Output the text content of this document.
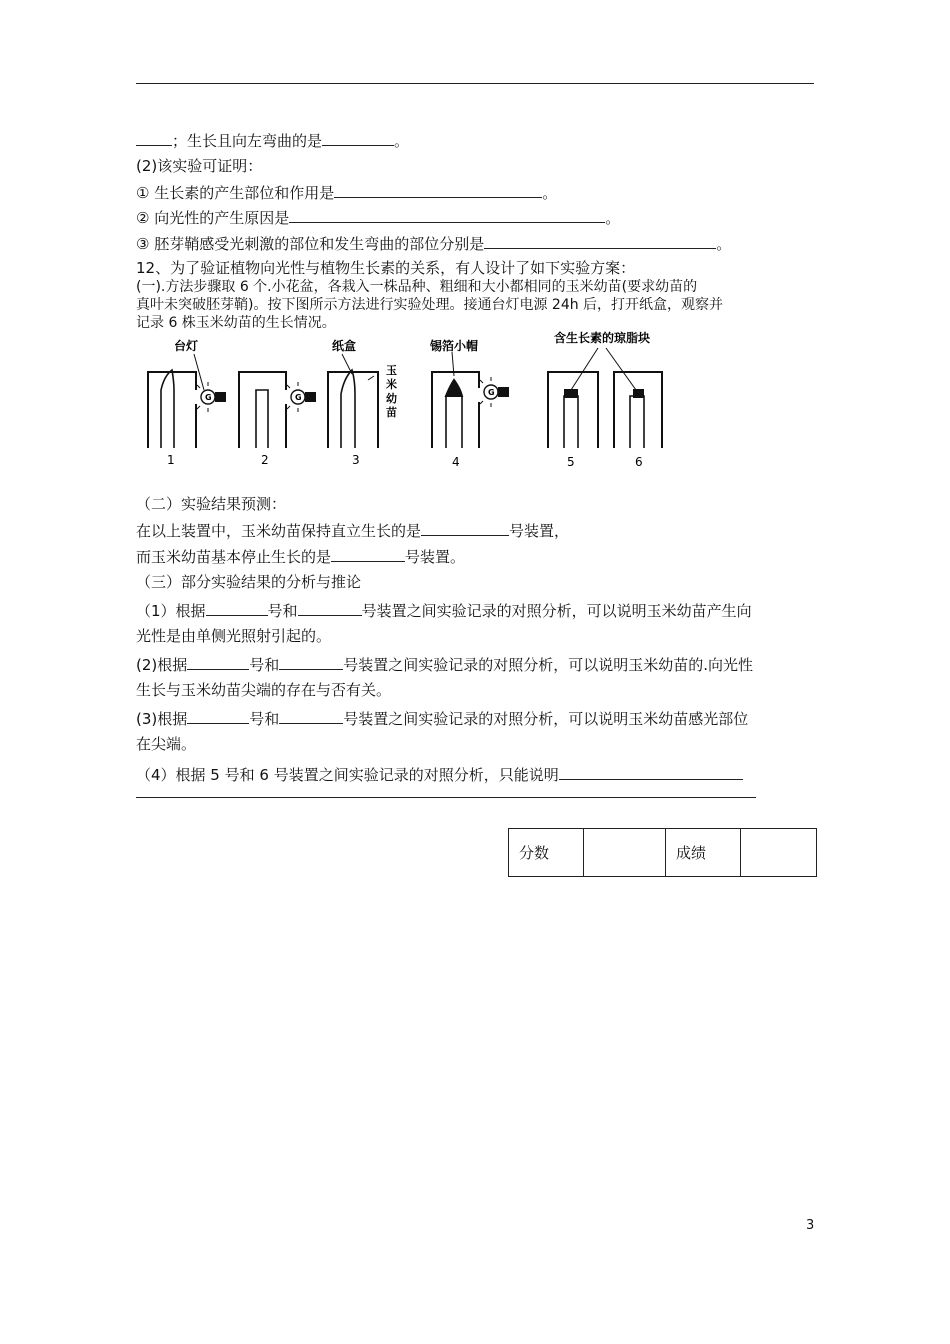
；生长且向左弯曲的是	。
(2)该实验可证明：
① 生长素的产生部位和作用是	。
② 向光性的产生原因是	。
③ 胚芽鞘感受光刺激的部位和发生弯曲的部位分别是	。
12、为了验证植物向光性与植物生长素的关系，有人设计了如下实验方案：
(一).方法步骤取 6 个.小花盆，各栽入一株品种、粗细和大小都相同的玉米幼苗(要求幼苗的
真叶未突破胚芽鞘)。按下图所示方法进行实验处理。接通台灯电源 24h 后，打开纸盒，观察并
记录 6 株玉米幼苗的生长情况。
台灯	纸盒
玉
米
幼
苗
锡箔小帽
含生长素的琼脂块
G	G
G
1	2	3	4	5	6
（二）实验结果预测：
在以上装置中，玉米幼苗保持直立生长的是	号装置，
而玉米幼苗基本停止生长的是	号装置。
（三）部分实验结果的分析与推论
（1）根据	号和	号装置之间实验记录的对照分析，可以说明玉米幼苗产生向
光性是由单侧光照射引起的。
(2)根据	号和	号装置之间实验记录的对照分析，可以说明玉米幼苗的.向光性
生长与玉米幼苗尖端的存在与否有关。
(3)根据	号和	号装置之间实验记录的对照分析，可以说明玉米幼苗感光部位
在尖端。
（4）根据 5 号和 6 号装置之间实验记录的对照分析，只能说明
分数		成绩	
3
